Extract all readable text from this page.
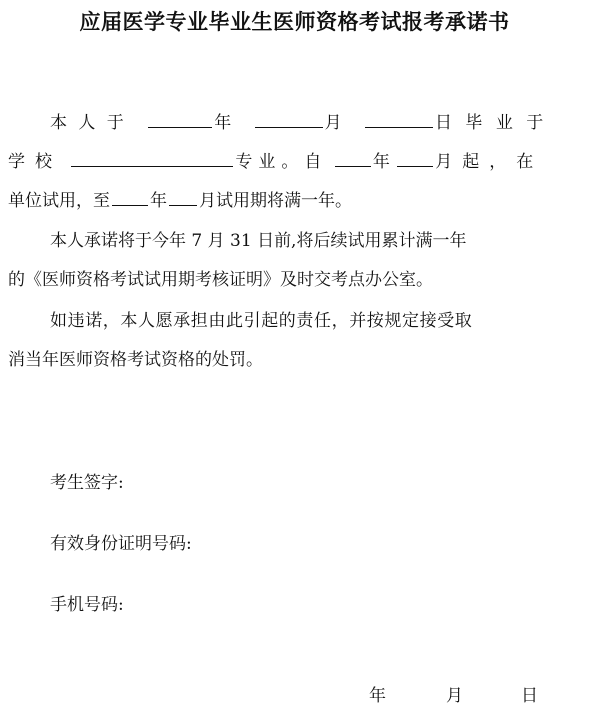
应届医学专业毕业生医师资格考试报考承诺书
本 人 于	年	月	日 毕 业 于
学校	专业。自	年	月起，在
单位试用，至 年 月试用期将满一年。
本人承诺将于今年 7 月 31 日前,将后续试用累计满一年
的《医师资格考试试用期考核证明》及时交考点办公室。
如违诺，本人愿承担由此引起的责任，并按规定接受取
消当年医师资格考试资格的处罚。
考生签字:
有效身份证明号码:
手机号码:
年	月	日
